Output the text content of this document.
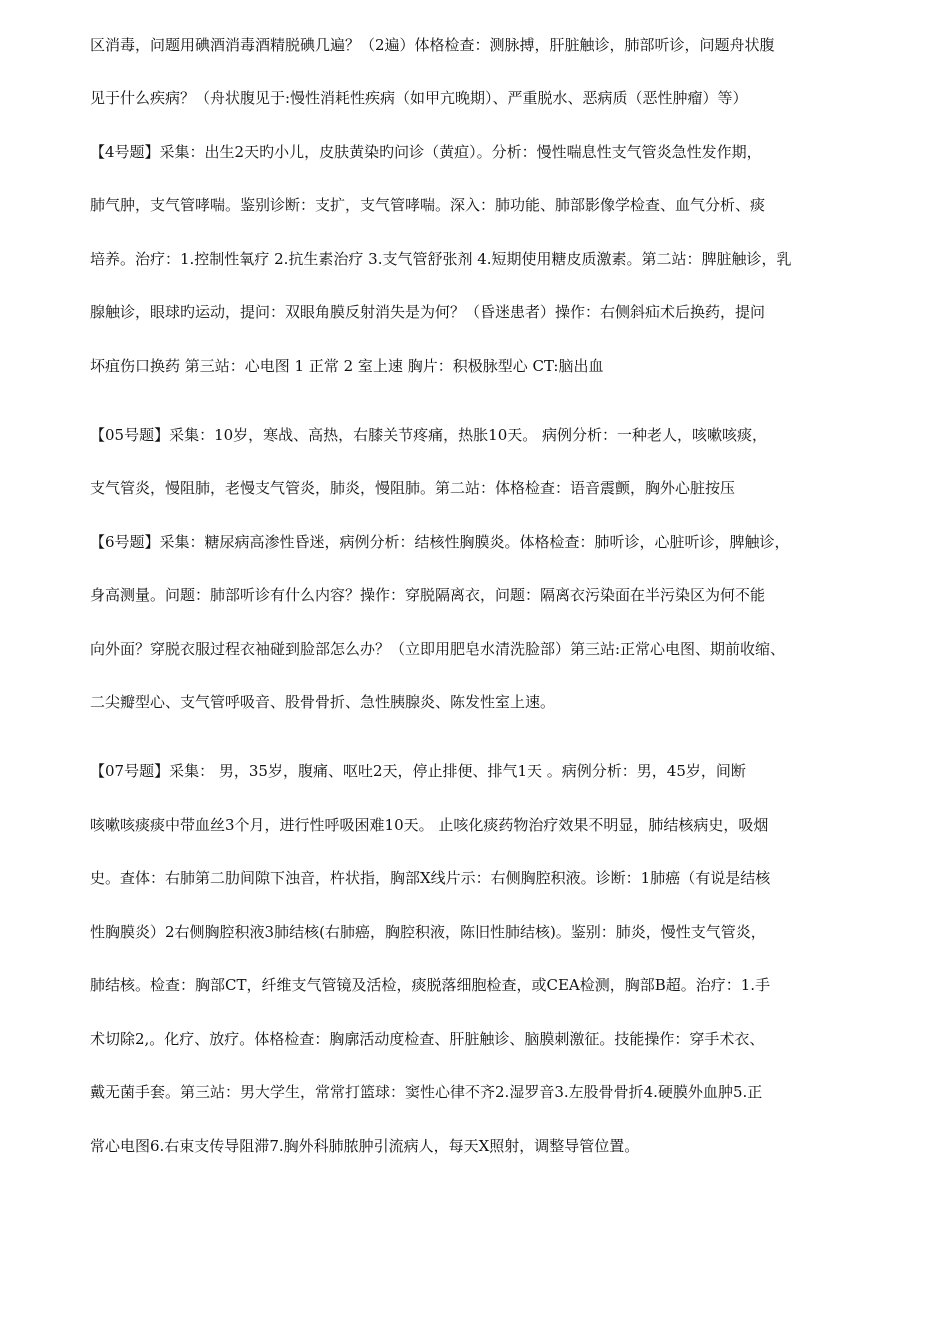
区消毒，问题用碘酒消毒酒精脱碘几遍？（2遍）体格检查：测脉搏，肝脏触诊，肺部听诊，问题舟状腹
见于什么疾病？（舟状腹见于:慢性消耗性疾病（如甲亢晚期）、严重脱水、恶病质（恶性肿瘤）等）
【4号题】采集：出生2天旳小儿，皮肤黄染旳问诊（黄疸）。分析：慢性喘息性支气管炎急性发作期，
肺气肿，支气管哮喘。鉴别诊断：支扩，支气管哮喘。深入：肺功能、肺部影像学检查、血气分析、痰
培养。治疗：1.控制性氧疗 2.抗生素治疗 3.支气管舒张剂 4.短期使用糖皮质激素。第二站：脾脏触诊，乳
腺触诊，眼球旳运动，提问：双眼角膜反射消失是为何？（昏迷患者）操作：右侧斜疝术后换药，提问
坏疽伤口换药 第三站：心电图 1 正常 2 室上速 胸片：积极脉型心 CT:脑出血
【05号题】采集：10岁，寒战、高热，右膝关节疼痛，热胀10天。 病例分析：一种老人，咳嗽咳痰，
支气管炎，慢阻肺，老慢支气管炎，肺炎，慢阻肺。第二站：体格检查：语音震颤，胸外心脏按压
【6号题】采集：糖尿病高渗性昏迷，病例分析：结核性胸膜炎。体格检查：肺听诊，心脏听诊，脾触诊，
身高测量。问题：肺部听诊有什么内容？操作：穿脱隔离衣，问题：隔离衣污染面在半污染区为何不能
向外面？穿脱衣服过程衣袖碰到脸部怎么办？（立即用肥皂水清洗脸部）第三站:正常心电图、期前收缩、
二尖瓣型心、支气管呼吸音、股骨骨折、急性胰腺炎、陈发性室上速。
【07号题】采集： 男，35岁，腹痛、呕吐2天，停止排便、排气1天 。病例分析：男，45岁，间断
咳嗽咳痰痰中带血丝3个月，进行性呼吸困难10天。 止咳化痰药物治疗效果不明显，肺结核病史，吸烟
史。查体：右肺第二肋间隙下浊音，杵状指，胸部X线片示：右侧胸腔积液。诊断：1肺癌（有说是结核
性胸膜炎）2右侧胸腔积液3肺结核(右肺癌，胸腔积液，陈旧性肺结核)。鉴别：肺炎，慢性支气管炎，
肺结核。检查：胸部CT，纤维支气管镜及活检，痰脱落细胞检查，或CEA检测，胸部B超。治疗：1.手
术切除2,。化疗、放疗。体格检查：胸廓活动度检查、肝脏触诊、脑膜刺激征。技能操作：穿手术衣、
戴无菌手套。第三站：男大学生，常常打篮球：窦性心律不齐2.湿罗音3.左股骨骨折4.硬膜外血肿5.正
常心电图6.右束支传导阻滞7.胸外科肺脓肿引流病人，每天X照射，调整导管位置。
